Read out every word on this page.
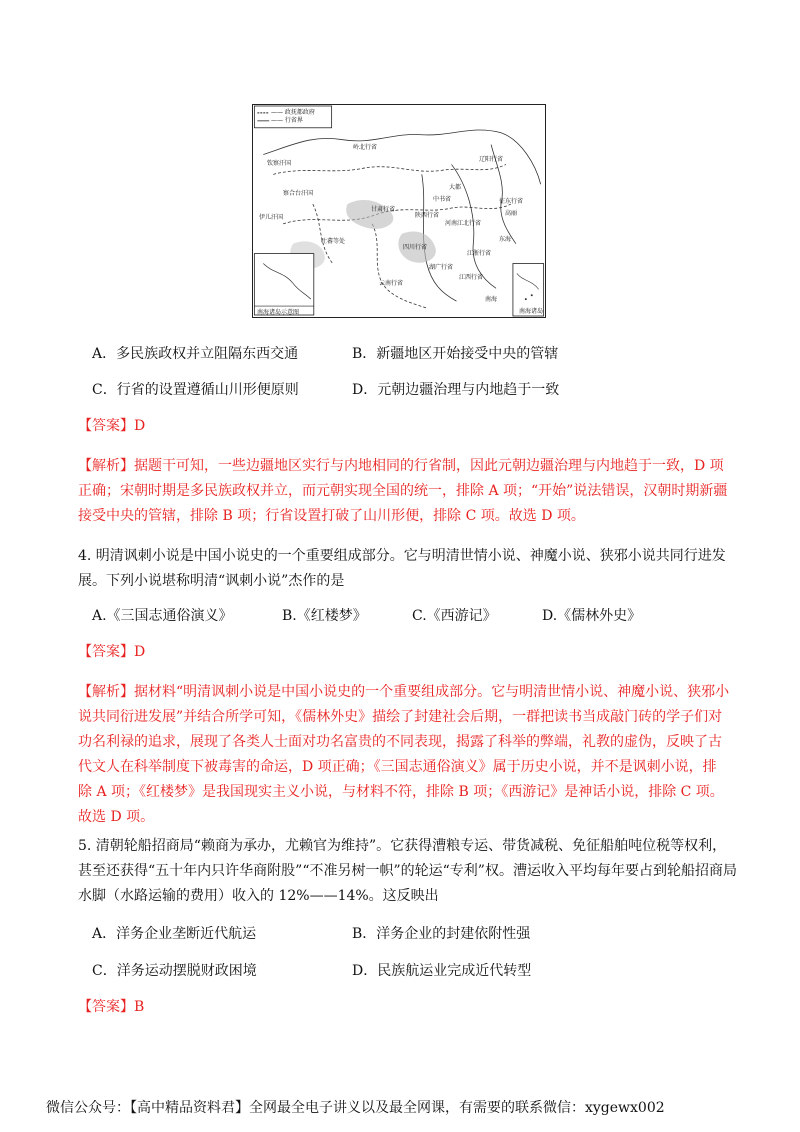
—— 政抚都政府
—— 行省界
岭北行省
钦察汗国
察合台汗国
伊儿汗国
甘肃行省
中书省
大都
辽阳行省
河南江北行省
陕西行省
四川行省
吐蕃等处
湖广行省
江浙行省
江西行省
云南行省
征东行省
高丽
东海
南海
南海诸岛
南海诸岛示意图
A．多民族政权并立阻隔东西交通	B．新疆地区开始接受中央的管辖
C．行省的设置遵循山川形便原则	D．元朝边疆治理与内地趋于一致
【答案】D
【解析】据题干可知，一些边疆地区实行与内地相同的行省制，因此元朝边疆治理与内地趋于一致，D 项
正确；宋朝时期是多民族政权并立，而元朝实现全国的统一，排除 A 项；“开始”说法错误，汉朝时期新疆
接受中央的管辖，排除 B 项；行省设置打破了山川形便，排除 C 项。故选 D 项。
4. 明清讽刺小说是中国小说史的一个重要组成部分。它与明清世情小说、神魔小说、狭邪小说共同行进发
展。下列小说堪称明清“讽刺小说”杰作的是
A.《三国志通俗演义》	B.《红楼梦》	C.《西游记》	D.《儒林外史》
【答案】D
【解析】据材料“明清讽刺小说是中国小说史的一个重要组成部分。它与明清世情小说、神魔小说、狭邪小
说共同衍进发展”并结合所学可知，《儒林外史》描绘了封建社会后期，一群把读书当成敲门砖的学子们对
功名利禄的追求，展现了各类人士面对功名富贵的不同表现，揭露了科举的弊端，礼教的虚伪，反映了古
代文人在科举制度下被毒害的命运，D 项正确；《三国志通俗演义》属于历史小说，并不是讽刺小说，排
除 A 项；《红楼梦》是我国现实主义小说，与材料不符，排除 B 项；《西游记》是神话小说，排除 C 项。
故选 D 项。
5. 清朝轮船招商局“赖商为承办，尤赖官为维持”。它获得漕粮专运、带货减税、免征船舶吨位税等权利，
甚至还获得“五十年内只许华商附股”“不准另树一帜”的轮运“专利”权。漕运收入平均每年要占到轮船招商局
水脚（水路运输的费用）收入的 12%——14%。这反映出
A．洋务企业垄断近代航运	B．洋务企业的封建依附性强
C．洋务运动摆脱财政困境	D．民族航运业完成近代转型
【答案】B
微信公众号：【高中精品资料君】全网最全电子讲义以及最全网课，有需要的联系微信：xygewx002
